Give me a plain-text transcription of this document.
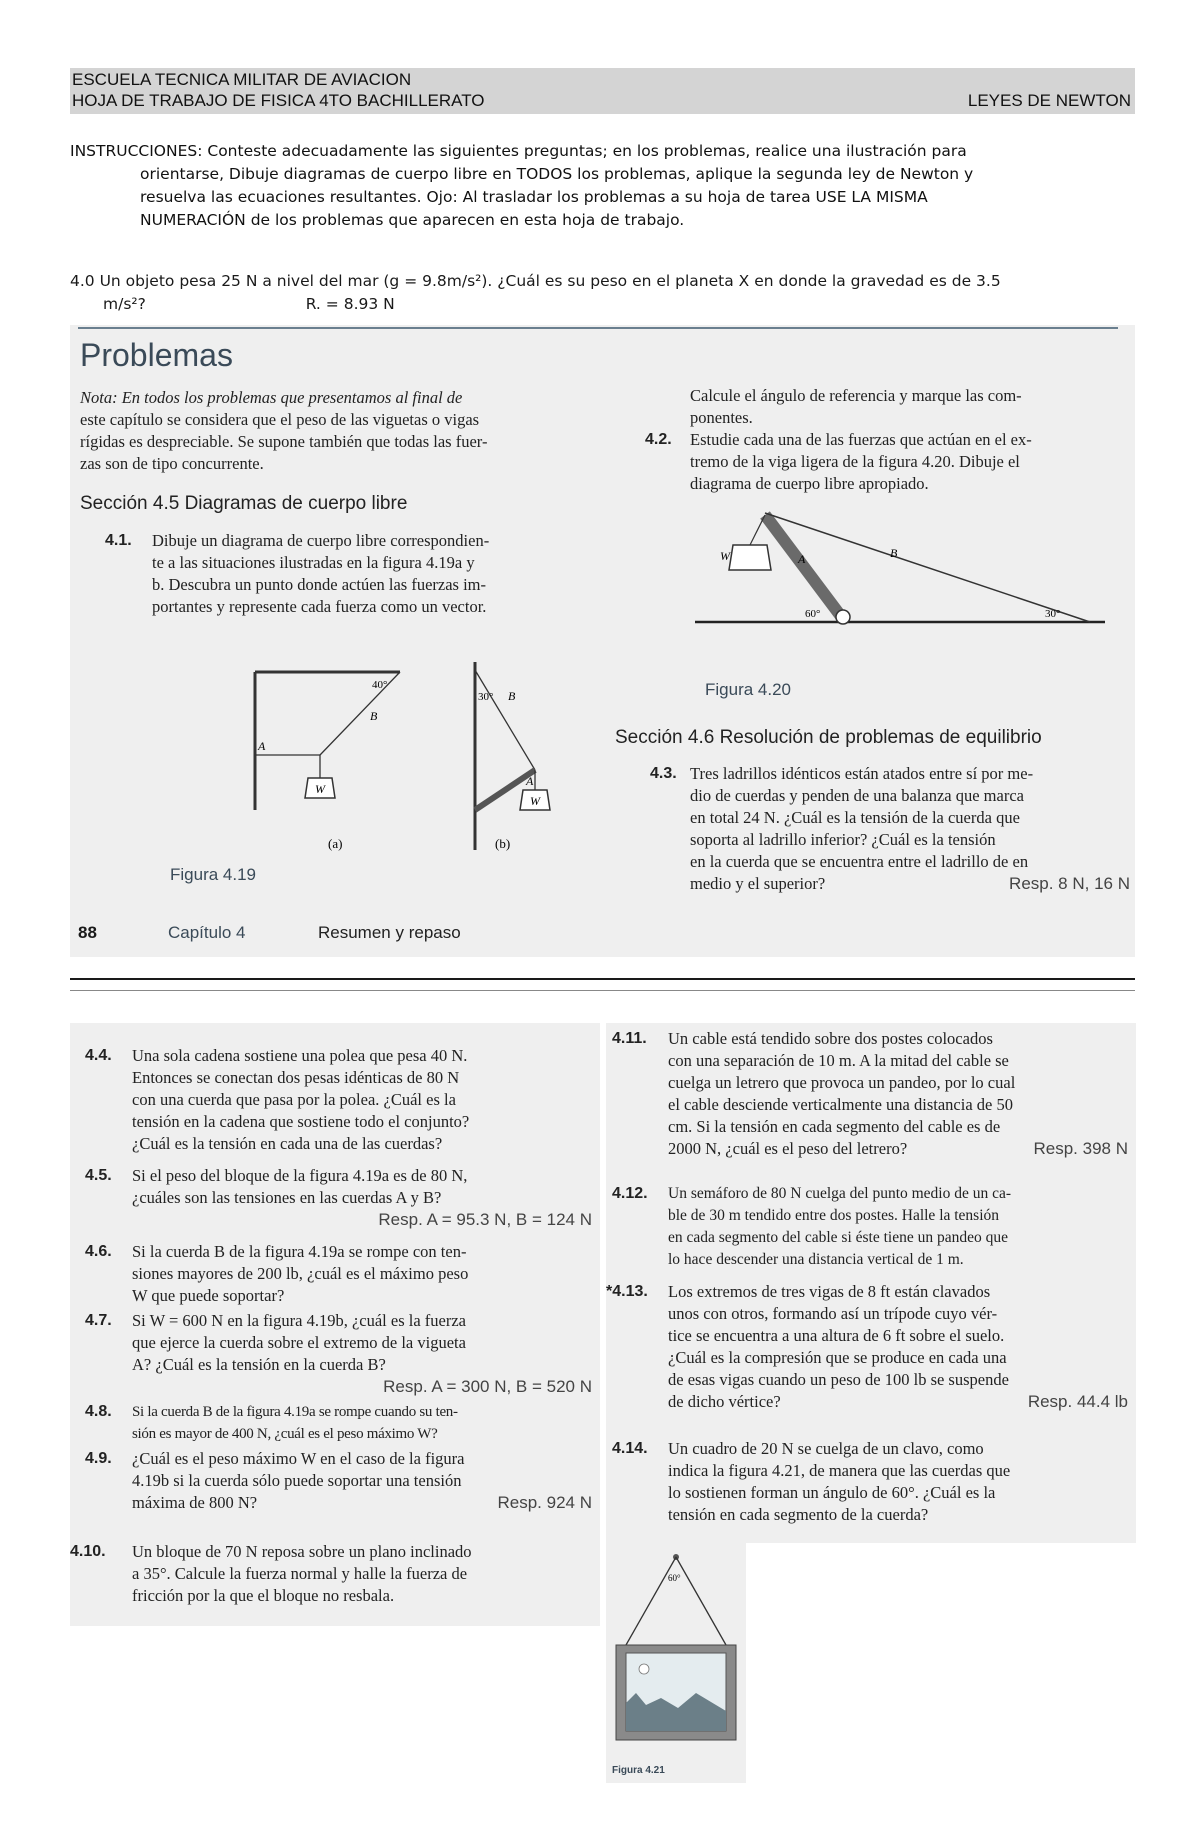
ESCUELA TECNICA MILITAR DE AVIACION
HOJA DE TRABAJO DE FISICA 4TO BACHILLERATO	LEYES DE NEWTON
INSTRUCCIONES: Conteste adecuadamente las siguientes preguntas; en los problemas, realice una ilustración para
orientarse, Dibuje diagramas de cuerpo libre en TODOS los problemas, aplique la segunda ley de Newton y
resuelva las ecuaciones resultantes. Ojo: Al trasladar los problemas a su hoja de tarea USE LA MISMA
NUMERACIÓN de los problemas que aparecen en esta hoja de trabajo.
4.0 Un objeto pesa 25 N a nivel del mar (g = 9.8m/s²). ¿Cuál es su peso en el planeta X en donde la gravedad es de 3.5
m/s²?	R. = 8.93 N
Problemas
Nota: En todos los problemas que presentamos al final de
este capítulo se considera que el peso de las viguetas o vigas
rígidas es despreciable. Se supone también que todas las fuer-
zas son de tipo concurrente.
Sección 4.5 Diagramas de cuerpo libre
4.1. Dibuje un diagrama de cuerpo libre correspondien-
te a las situaciones ilustradas en la figura 4.19a y
b. Descubra un punto donde actúen las fuerzas im-
portantes y represente cada fuerza como un vector.
W
40°
A
B
(a)
W
30° B
A
(b)
Figura 4.19
Calcule el ángulo de referencia y marque las com-
ponentes.
4.2. Estudie cada una de las fuerzas que actúan en el ex-
tremo de la viga ligera de la figura 4.20. Dibuje el
diagrama de cuerpo libre apropiado.
W	A	B
60°	30°
Figura 4.20
Sección 4.6 Resolución de problemas de equilibrio
4.3. Tres ladrillos idénticos están atados entre sí por me-
dio de cuerdas y penden de una balanza que marca
en total 24 N. ¿Cuál es la tensión de la cuerda que
soporta al ladrillo inferior? ¿Cuál es la tensión
en la cuerda que se encuentra entre el ladrillo de en
medio y el superior?	Resp. 8 N, 16 N
88	Capítulo 4	Resumen y repaso
4.4. Una sola cadena sostiene una polea que pesa 40 N.
Entonces se conectan dos pesas idénticas de 80 N
con una cuerda que pasa por la polea. ¿Cuál es la
tensión en la cadena que sostiene todo el conjunto?
¿Cuál es la tensión en cada una de las cuerdas?
4.5. Si el peso del bloque de la figura 4.19a es de 80 N,
¿cuáles son las tensiones en las cuerdas A y B?
Resp. A = 95.3 N, B = 124 N
4.6. Si la cuerda B de la figura 4.19a se rompe con ten-
siones mayores de 200 lb, ¿cuál es el máximo peso
W que puede soportar?
4.7. Si W = 600 N en la figura 4.19b, ¿cuál es la fuerza
que ejerce la cuerda sobre el extremo de la vigueta
A? ¿Cuál es la tensión en la cuerda B?
Resp. A = 300 N, B = 520 N
4.8. Si la cuerda B de la figura 4.19a se rompe cuando su ten-
sión es mayor de 400 N, ¿cuál es el peso máximo W?
4.9. ¿Cuál es el peso máximo W en el caso de la figura
4.19b si la cuerda sólo puede soportar una tensión
máxima de 800 N?	Resp. 924 N
4.10. Un bloque de 70 N reposa sobre un plano inclinado
a 35°. Calcule la fuerza normal y halle la fuerza de
fricción por la que el bloque no resbala.
4.11. Un cable está tendido sobre dos postes colocados
con una separación de 10 m. A la mitad del cable se
cuelga un letrero que provoca un pandeo, por lo cual
el cable desciende verticalmente una distancia de 50
cm. Si la tensión en cada segmento del cable es de
2000 N, ¿cuál es el peso del letrero?	Resp. 398 N
4.12. Un semáforo de 80 N cuelga del punto medio de un ca-
ble de 30 m tendido entre dos postes. Halle la tensión
en cada segmento del cable si éste tiene un pandeo que
lo hace descender una distancia vertical de 1 m.
*4.13. Los extremos de tres vigas de 8 ft están clavados
unos con otros, formando así un trípode cuyo vér-
tice se encuentra a una altura de 6 ft sobre el suelo.
¿Cuál es la compresión que se produce en cada una
de esas vigas cuando un peso de 100 lb se suspende
de dicho vértice?	Resp. 44.4 lb
4.14. Un cuadro de 20 N se cuelga de un clavo, como
indica la figura 4.21, de manera que las cuerdas que
lo sostienen forman un ángulo de 60°. ¿Cuál es la
tensión en cada segmento de la cuerda?
60°
Figura 4.21
